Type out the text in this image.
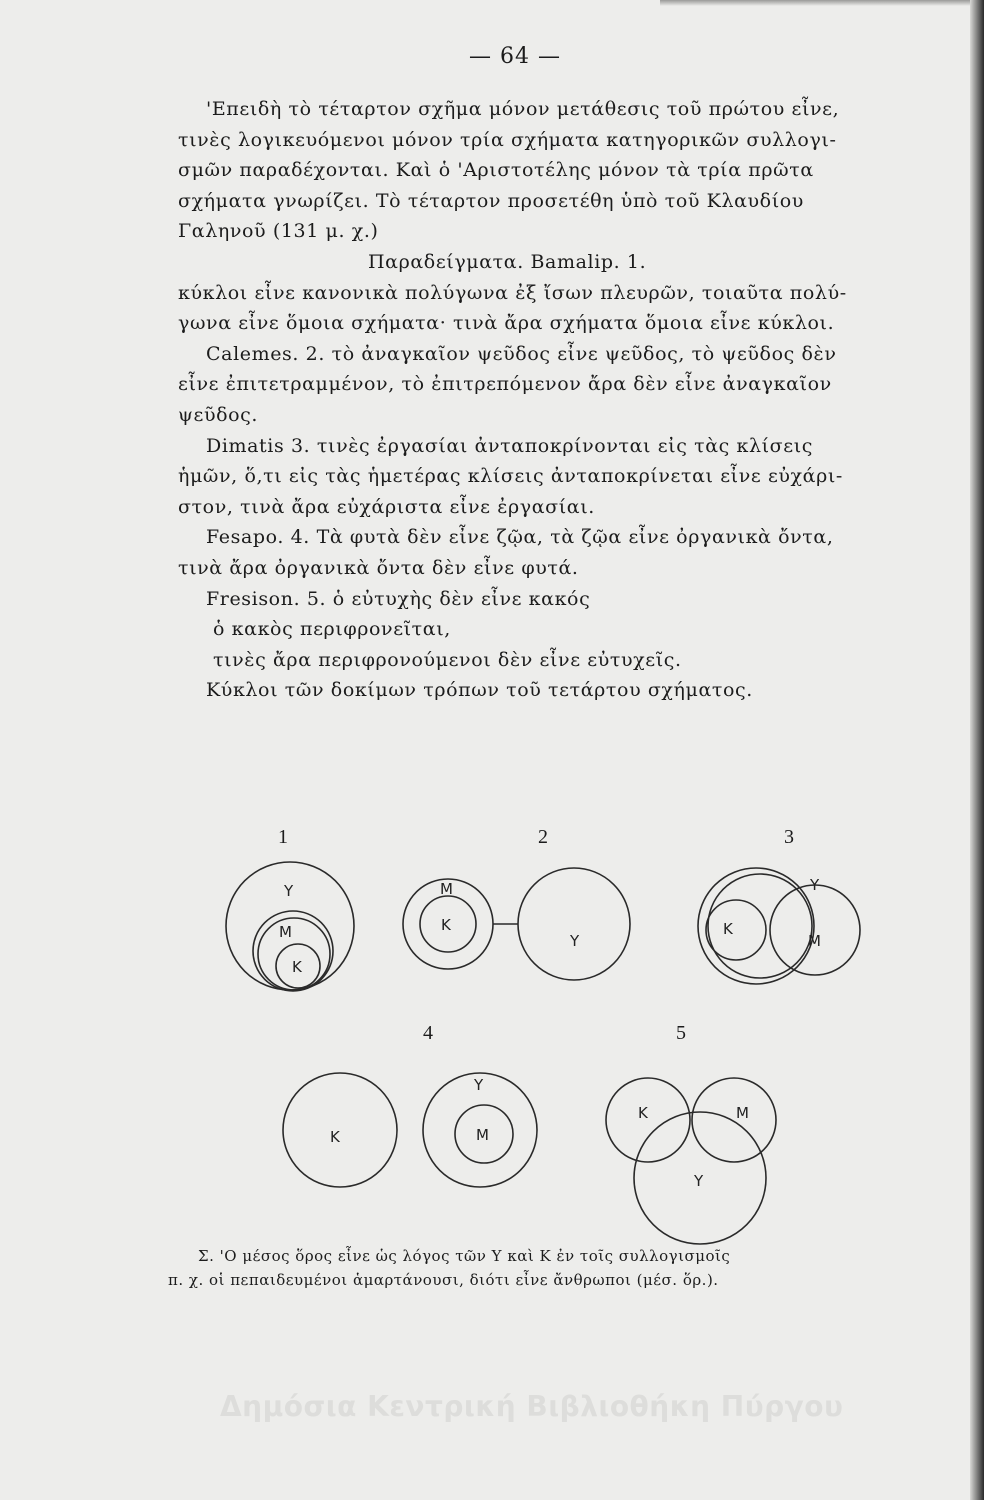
— 64 —
'Επειδὴ τὸ τέταρτον σχῆμα μόνον μετάθεσις τοῦ πρώτου εἶνε,
τινὲς λογικευόμενοι μόνον τρία σχήματα κατηγορικῶν συλλογι-
σμῶν παραδέχονται. Καὶ ὁ 'Αριστοτέλης μόνον τὰ τρία πρῶτα
σχήματα γνωρίζει. Τὸ τέταρτον προσετέθη ὑπὸ τοῦ Κλαυδίου
Γαληνοῦ (131 μ. χ.)
Παραδείγματα. Bamalip. 1.
κύκλοι εἶνε κανονικὰ πολύγωνα ἐξ ἴσων πλευρῶν, τοιαῦτα πολύ-
γωνα εἶνε ὅμοια σχήματα· τινὰ ἄρα σχήματα ὅμοια εἶνε κύκλοι.
Calemes. 2. τὸ ἀναγκαῖον ψεῦδος εἶνε ψεῦδος, τὸ ψεῦδος δὲν
εἶνε ἐπιτετραμμένον, τὸ ἐπιτρεπόμενον ἄρα δὲν εἶνε ἀναγκαῖον
ψεῦδος.
Dimatis 3. τινὲς ἐργασίαι ἀνταποκρίνονται εἰς τὰς κλίσεις
ἡμῶν, ὅ,τι εἰς τὰς ἡμετέρας κλίσεις ἀνταποκρίνεται εἶνε εὐχάρι-
στον, τινὰ ἄρα εὐχάριστα εἶνε ἐργασίαι.
Fesapo. 4. Τὰ φυτὰ δὲν εἶνε ζῷα, τὰ ζῷα εἶνε ὀργανικὰ ὄντα,
τινὰ ἄρα ὀργανικὰ ὄντα δὲν εἶνε φυτά.
Fresison. 5. ὁ εὐτυχὴς δὲν εἶνε κακός
ὁ κακὸς περιφρονεῖται,
τινὲς ἄρα περιφρονούμενοι δὲν εἶνε εὐτυχεῖς.
Κύκλοι τῶν δοκίμων τρόπων τοῦ τετάρτου σχήματος.
1	2	3
4	5
Y
M
K
M
K
Y
Y
K
M
K
Y
M
K	M
Y
Σ. 'Ο μέσος ὅρος εἶνε ὡς λόγος τῶν Υ καὶ Κ ἐν τοῖς συλλογισμοῖς
π. χ. οἱ πεπαιδευμένοι ἁμαρτάνουσι, διότι εἶνε ἄνθρωποι (μέσ. ὅρ.).
Δημόσια Κεντρική Βιβλιοθήκη Πύργου
